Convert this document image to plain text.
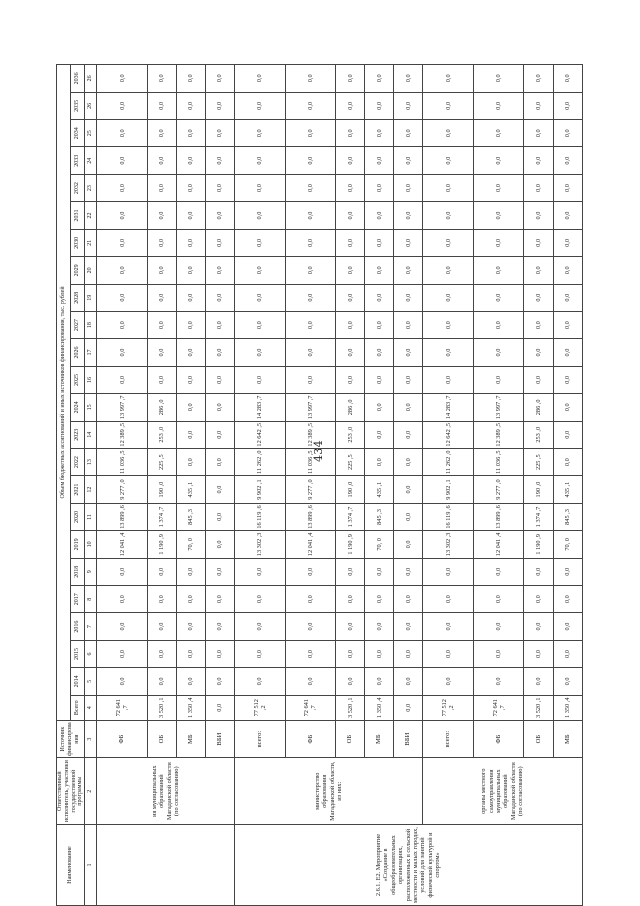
434
Наименование	Ответственный исполнитель, участники государственной программы	Источник финансирования	Объем бюджетных ассигнований и иных источников финансирования, тыс. рублей																							
			Всего	2014	2015	2016	2017	2018	2019	2020	2021	2022	2023	2024	2025	2026	2027	2028	2029	2030	2031	2032	2033	2034	2035	2036
1	2	3	4	5	6	7	8	9	10	11	12	13	14	15	16	17	18	19	20	21	22	23	24	25	26	26
	ия муниципальных образований Магаданской области (по согласованию)	ФБ	72 641 ,7	0,0	0,0	0,0	0,0	0,0	12 041 ,4	13 899 ,6	9 277 ,0	11 036 ,5	12 389 ,5	13 997 ,7	0,0	0,0	0,0	0,0	0,0	0,0	0,0	0,0	0,0	0,0	0,0	0,0
		ОБ	3 520 ,1	0,0	0,0	0,0	0,0	0,0	1 190 ,9	1 374 ,7	190 ,0	225 ,5	253 ,0	286 ,0	0,0	0,0	0,0	0,0	0,0	0,0	0,0	0,0	0,0	0,0	0,0	0,0
		МБ	1 350 ,4	0,0	0,0	0,0	0,0	0,0	70, 0	845 ,3	435 ,1	0,0	0,0	0,0	0,0	0,0	0,0	0,0	0,0	0,0	0,0	0,0	0,0	0,0	0,0	0,0
		ВБИ	0,0	0,0	0,0	0,0	0,0	0,0	0,0	0,0	0,0	0,0	0,0	0,0	0,0	0,0	0,0	0,0	0,0	0,0	0,0	0,0	0,0	0,0	0,0	0,0
2.6.1. Е2. Мероприятие «Создание в общеобразовательных организациях, расположенных в сельской местности и малых городах, условий для занятий физической культурой и спортом»	министерство образования Магаданской области, из них:	всего:	77 512 ,2	0,0	0,0	0,0	0,0	0,0	13 302 ,3	16 119 ,6	9 902 ,1	11 262 ,0	12 642 ,5	14 283 ,7	0,0	0,0	0,0	0,0	0,0	0,0	0,0	0,0	0,0	0,0	0,0	0,0
		ФБ	72 641 ,7	0,0	0,0	0,0	0,0	0,0	12 041 ,4	13 899 ,6	9 277 ,0	11 036 ,5	12 389 ,5	13 997 ,7	0,0	0,0	0,0	0,0	0,0	0,0	0,0	0,0	0,0	0,0	0,0	0,0
		ОБ	3 520 ,1	0,0	0,0	0,0	0,0	0,0	1 190 ,9	1 374 ,7	190 ,0	225 ,5	253 ,0	286 ,0	0,0	0,0	0,0	0,0	0,0	0,0	0,0	0,0	0,0	0,0	0,0	0,0
		МБ	1 350 ,4	0,0	0,0	0,0	0,0	0,0	70, 0	845 ,3	435 ,1	0,0	0,0	0,0	0,0	0,0	0,0	0,0	0,0	0,0	0,0	0,0	0,0	0,0	0,0	0,0
		ВБИ	0,0	0,0	0,0	0,0	0,0	0,0	0,0	0,0	0,0	0,0	0,0	0,0	0,0	0,0	0,0	0,0	0,0	0,0	0,0	0,0	0,0	0,0	0,0	0,0
	органы местного самоуправления муниципальных образований Магаданской области (по согласованию)	всего:	77 512 ,2	0,0	0,0	0,0	0,0	0,0	13 302 ,3	16 119 ,6	9 902 ,1	11 262 ,0	12 642 ,5	14 283 ,7	0,0	0,0	0,0	0,0	0,0	0,0	0,0	0,0	0,0	0,0	0,0	0,0
		ФБ	72 641 ,7	0,0	0,0	0,0	0,0	0,0	12 041 ,4	13 899 ,6	9 277 ,0	11 036 ,5	12 389 ,5	13 997 ,7	0,0	0,0	0,0	0,0	0,0	0,0	0,0	0,0	0,0	0,0	0,0	0,0
		ОБ	3 520 ,1	0,0	0,0	0,0	0,0	0,0	1 190 ,9	1 374 ,7	190 ,0	225 ,5	253 ,0	286 ,0	0,0	0,0	0,0	0,0	0,0	0,0	0,0	0,0	0,0	0,0	0,0	0,0
		МБ	1 350 ,4	0,0	0,0	0,0	0,0	0,0	70, 0	845 ,3	435 ,1	0,0	0,0	0,0	0,0	0,0	0,0	0,0	0,0	0,0	0,0	0,0	0,0	0,0	0,0	0,0
